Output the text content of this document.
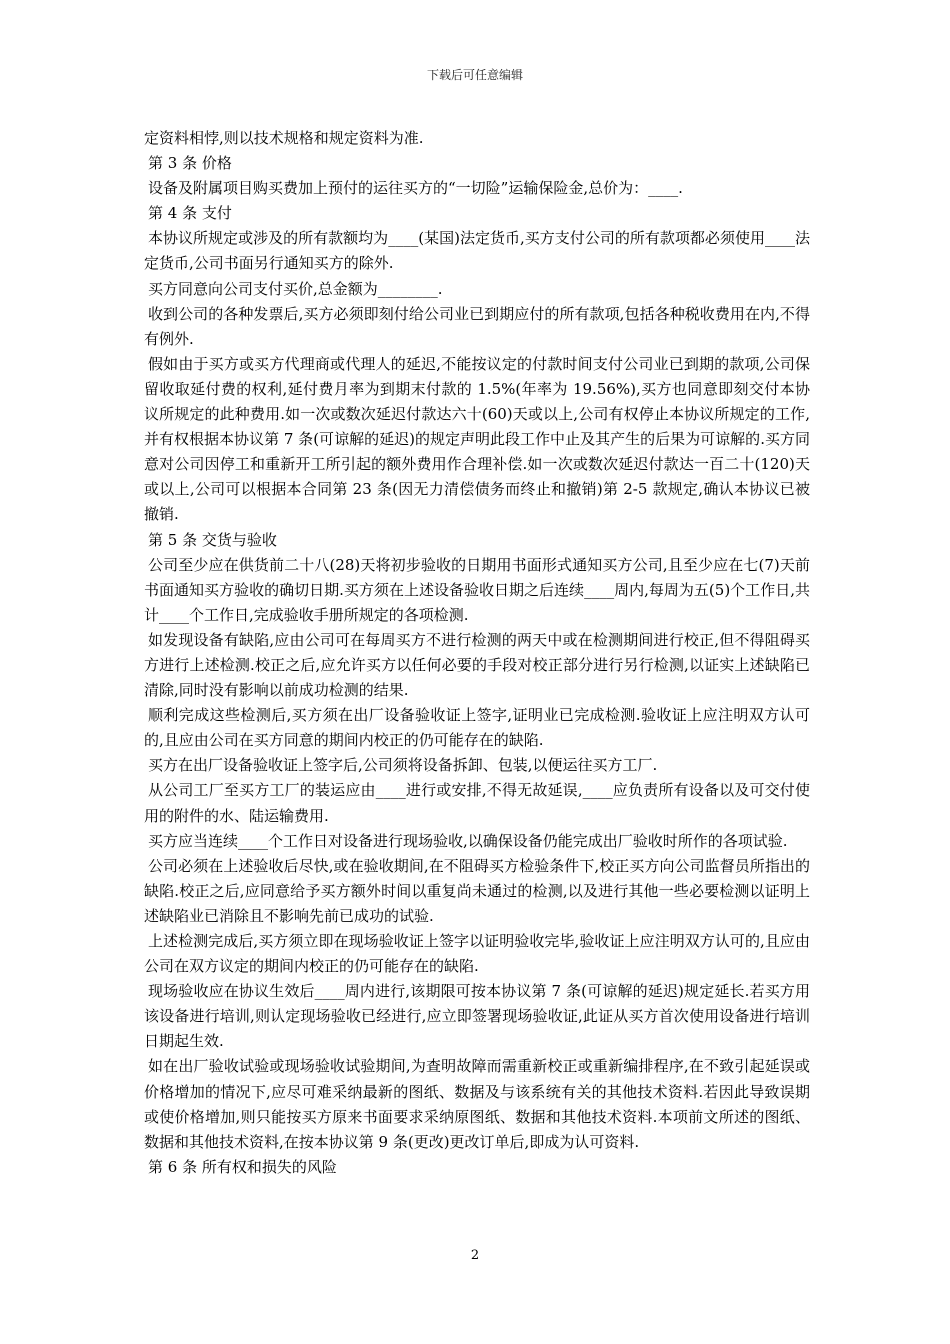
下载后可任意编辑

定资料相悖,则以技术规格和规定资料为准.

第 3 条 价格

设备及附属项目购买费加上预付的运往买方的“一切险”运输保险金,总价为：____.

第 4 条 支付

本协议所规定或涉及的所有款额均为____(某国)法定货币,买方支付公司的所有款项都必须使用____法定货币,公司书面另行通知买方的除外.

买方同意向公司支付买价,总金额为________.

收到公司的各种发票后,买方必须即刻付给公司业已到期应付的所有款项,包括各种税收费用在内,不得有例外.

假如由于买方或买方代理商或代理人的延迟,不能按议定的付款时间支付公司业已到期的款项,公司保留收取延付费的权利,延付费月率为到期末付款的 1.5%(年率为 19.56%),买方也同意即刻交付本协议所规定的此种费用.如一次或数次延迟付款达六十(60)天或以上,公司有权停止本协议所规定的工作,并有权根据本协议第 7 条(可谅解的延迟)的规定声明此段工作中止及其产生的后果为可谅解的.买方同意对公司因停工和重新开工所引起的额外费用作合理补偿.如一次或数次延迟付款达一百二十(120)天或以上,公司可以根据本合同第 23 条(因无力清偿债务而终止和撤销)第 2-5 款规定,确认本协议已被撤销.

第 5 条 交货与验收

公司至少应在供货前二十八(28)天将初步验收的日期用书面形式通知买方公司,且至少应在七(7)天前书面通知买方验收的确切日期.买方须在上述设备验收日期之后连续____周内,每周为五(5)个工作日,共计____个工作日,完成验收手册所规定的各项检测.

如发现设备有缺陷,应由公司可在每周买方不进行检测的两天中或在检测期间进行校正,但不得阻碍买方进行上述检测.校正之后,应允许买方以任何必要的手段对校正部分进行另行检测,以证实上述缺陷已清除,同时没有影响以前成功检测的结果.

顺利完成这些检测后,买方须在出厂设备验收证上签字,证明业已完成检测.验收证上应注明双方认可的,且应由公司在买方同意的期间内校正的仍可能存在的缺陷.

买方在出厂设备验收证上签字后,公司须将设备拆卸、包装,以便运往买方工厂.

从公司工厂至买方工厂的装运应由____进行或安排,不得无故延误,____应负责所有设备以及可交付使用的附件的水、陆运输费用.

买方应当连续____个工作日对设备进行现场验收,以确保设备仍能完成出厂验收时所作的各项试验.

公司必须在上述验收后尽快,或在验收期间,在不阻碍买方检验条件下,校正买方向公司监督员所指出的缺陷.校正之后,应同意给予买方额外时间以重复尚未通过的检测,以及进行其他一些必要检测以证明上述缺陷业已消除且不影响先前已成功的试验.

上述检测完成后,买方须立即在现场验收证上签字以证明验收完毕,验收证上应注明双方认可的,且应由公司在双方议定的期间内校正的仍可能存在的缺陷.

现场验收应在协议生效后____周内进行,该期限可按本协议第 7 条(可谅解的延迟)规定延长.若买方用该设备进行培训,则认定现场验收已经进行,应立即签署现场验收证,此证从买方首次使用设备进行培训日期起生效.

如在出厂验收试验或现场验收试验期间,为查明故障而需重新校正或重新编排程序,在不致引起延误或价格增加的情况下,应尽可难采纳最新的图纸、数据及与该系统有关的其他技术资料.若因此导致误期或使价格增加,则只能按买方原来书面要求采纳原图纸、数据和其他技术资料.本项前文所述的图纸、数据和其他技术资料,在按本协议第 9 条(更改)更改订单后,即成为认可资料.

第 6 条 所有权和损失的风险

2
